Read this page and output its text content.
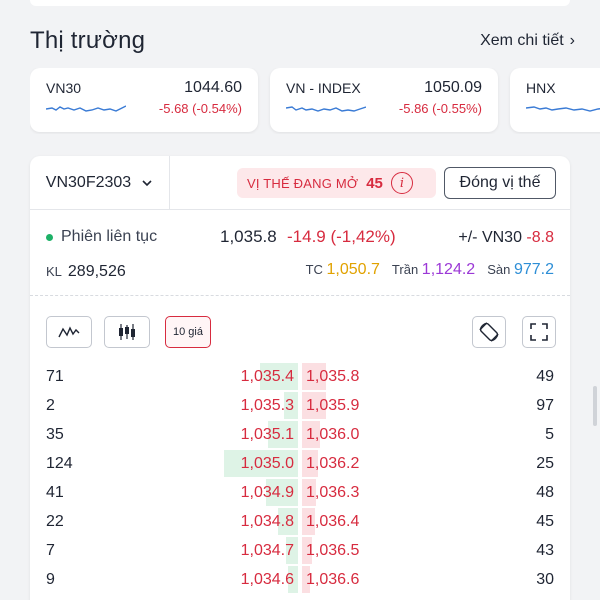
Thị trường	Xem chi tiết ›
VN30	1044.60
-5.68 (-0.54%)
VN - INDEX	1050.09
-5.86 (-0.55%)
HNX
VN30F2303	VỊ THẾ ĐANG MỞ 45	i	Đóng vị thế
Phiên liên tục	1,035.8 -14.9 (-1,42%)	+/- VN30 -8.8
KL 289,526	TC 1,050.7 Trần 1,124.2 Sàn 977.2
10 giá
71	1,035.4 1,035.8	49
2	1,035.3 1,035.9	97
35	1,035.1 1,036.0	5
124	1,035.0 1,036.2	25
41	1,034.9 1,036.3	48
22	1,034.8 1,036.4	45
7	1,034.7 1,036.5	43
9	1,034.6 1,036.6	30
